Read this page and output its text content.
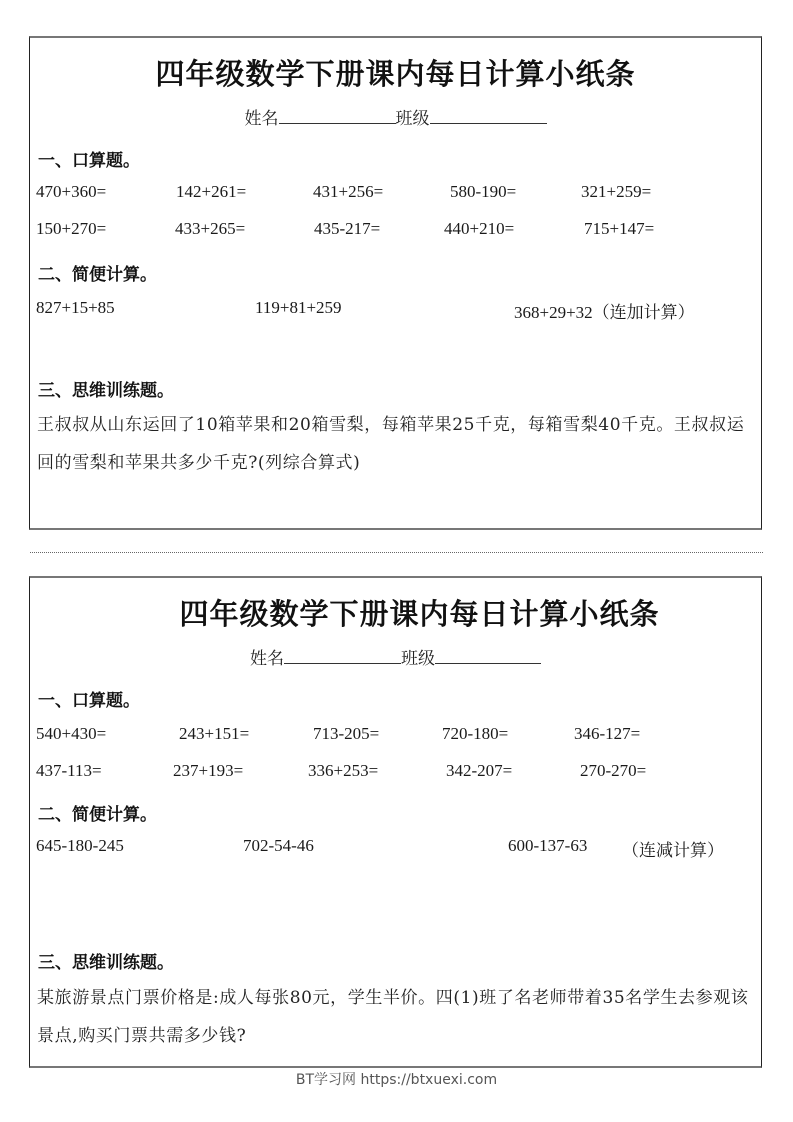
四年级数学下册课内每日计算小纸条
姓名	班级
一、口算题。
470+360=	142+261=	431+256=	580-190=	321+259=
150+270=	433+265=	435-217=	440+210=	715+147=
二、简便计算。
827+15+85	119+81+259	368+29+32（连加计算）
三、思维训练题。
王叔叔从山东运回了10箱苹果和20箱雪梨，每箱苹果25千克，每箱雪梨40千克。王叔叔运回的雪梨和苹果共多少千克?(列综合算式)
四年级数学下册课内每日计算小纸条
姓名	班级
一、口算题。
540+430=	243+151=	713-205=	720-180=	346-127=
437-113=	237+193=	336+253=	342-207=	270-270=
二、简便计算。
645-180-245	702-54-46	600-137-63 （连减计算）
三、思维训练题。
某旅游景点门票价格是:成人每张80元，学生半价。四(1)班了名老师带着35名学生去参观该景点,购买门票共需多少钱?
BT学习网 https://btxuexi.com
